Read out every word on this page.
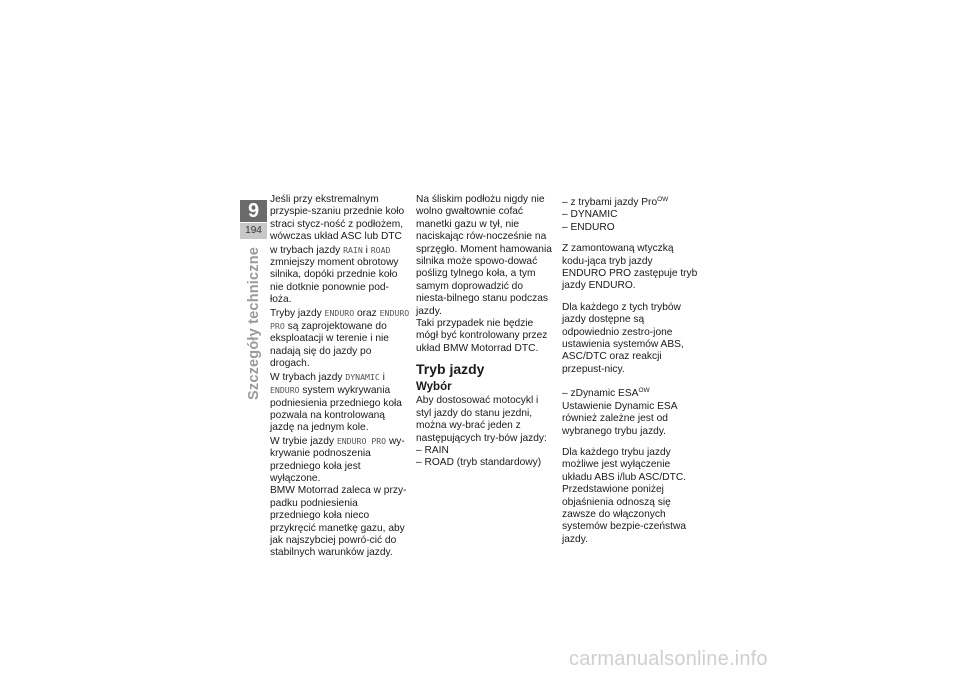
9
194
Szczegóły techniczne

Jeśli przy ekstremalnym przyspie-szaniu przednie koło straci stycz-ność z podłożem, wówczas układ ASC lub DTC w trybach jazdy RAIN i ROAD zmniejszy moment obrotowy silnika, dopóki przednie koło nie dotknie ponownie pod-łoża.

Tryby jazdy ENDURO oraz ENDURO PRO są zaprojektowane do eksploatacji w terenie i nie nadają się do jazdy po drogach.

W trybach jazdy DYNAMIC i ENDURO system wykrywania podniesienia przedniego koła pozwala na kontrolowaną jazdę na jednym kole.

W trybie jazdy ENDURO PRO wy-krywanie podnoszenia przedniego koła jest wyłączone.

BMW Motorrad zaleca w przy-padku podniesienia przedniego koła nieco przykręcić manetkę gazu, aby jak najszybciej powró-cić do stabilnych warunków jazdy.

Na śliskim podłożu nigdy nie wolno gwałtownie cofać manetki gazu w tył, nie naciskając rów-nocześnie na sprzęgło. Moment hamowania silnika może spowo-dować poślizg tylnego koła, a tym samym doprowadzić do niesta-bilnego stanu podczas jazdy.

Taki przypadek nie będzie mógł być kontrolowany przez układ BMW Motorrad DTC.

Tryb jazdy
Wybór

Aby dostosować motocykl i styl jazdy do stanu jezdni, można wy-brać jeden z następujących try-bów jazdy:

– RAIN

– ROAD (tryb standardowy)

– z trybami jazdy Pro$^{OW}$

– DYNAMIC

– ENDURO

Z zamontowaną wtyczką kodu-jąca tryb jazdy ENDURO PRO zastępuje tryb jazdy ENDURO.

Dla każdego z tych trybów jazdy dostępne są odpowiednio zestro-jone ustawienia systemów ABS, ASC/DTC oraz reakcji przepust-nicy.

– zDynamic $ESA^{OW}$

Ustawienie Dynamic ESA również zależne jest od wybranego trybu jazdy.

Dla każdego trybu jazdy możliwe jest wyłączenie układu ABS i/lub ASC/DTC. Przedstawione poniżej objaśnienia odnoszą się zawsze do włączonych systemów bezpie-czeństwa jazdy.

carmanualsonline.info
